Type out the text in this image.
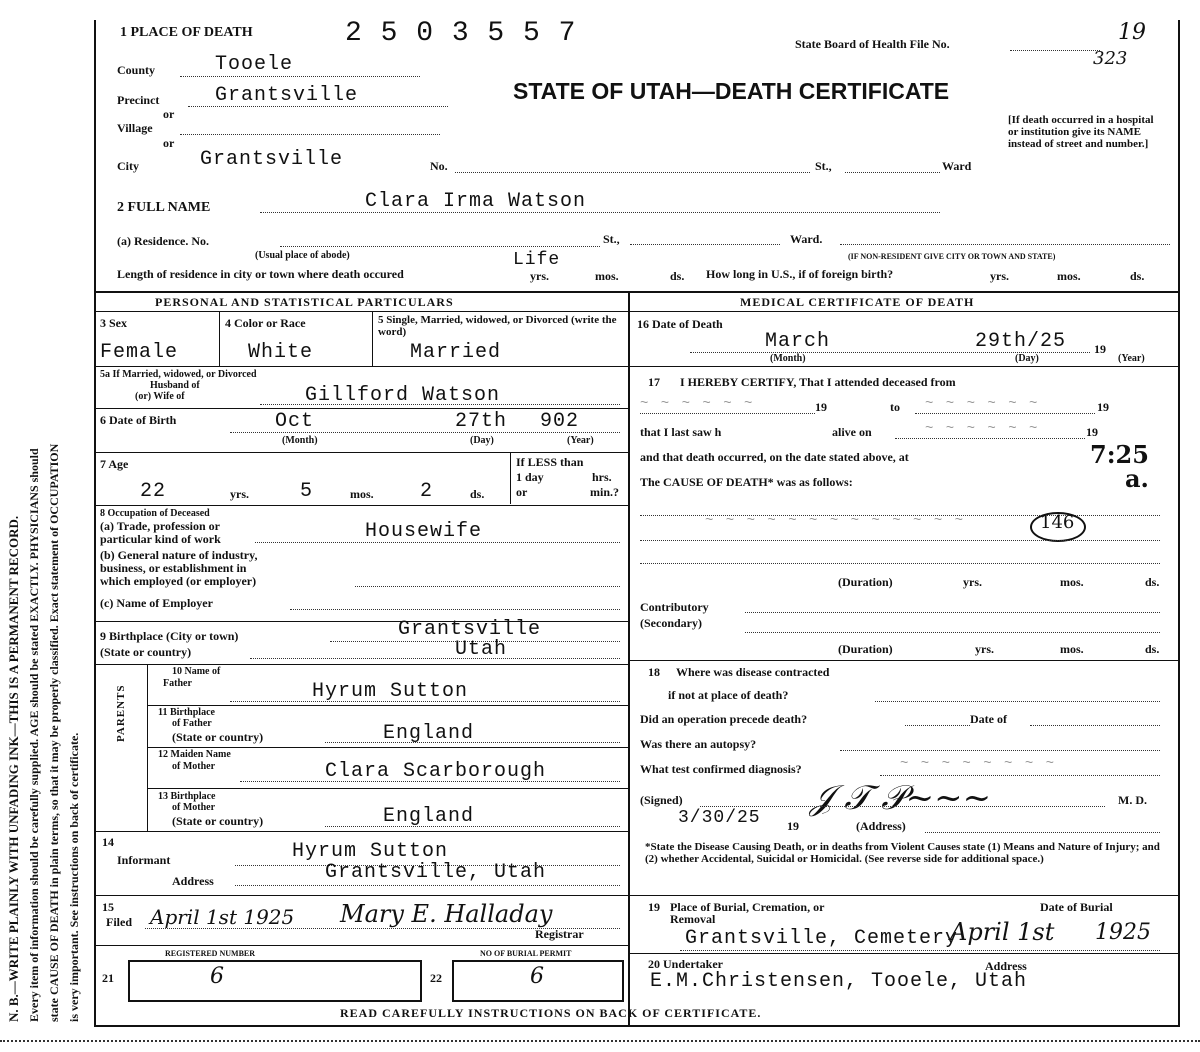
N. B.—WRITE PLAINLY WITH UNFADING INK—THIS IS A PERMANENT RECORD. Every item of information should be carefully supplied. AGE should be stated EXACTLY. PHYSICIANS should state CAUSE OF DEATH in plain terms, so that it may be properly classified. Exact statement of OCCUPATION is very important. See instructions on back of certificate.
1 PLACE OF DEATH	2 5 0 3 5 5 7	State Board of Health File No.	19
323
County	Tooele
STATE OF UTAH—DEATH CERTIFICATE
Precinct	Grantsville
or
Village
or
[If death occurred in a hospital or institution give its NAME instead of street and number.]
City	Grantsville	No.	St.,	Ward
2 FULL NAME	Clara Irma Watson
(a) Residence. No.	St.,	Ward.
(Usual place of abode)	(IF NON-RESIDENT GIVE CITY OR TOWN AND STATE)
Length of residence in city or town where death occured
Life
yrs.	mos.	ds. How long in U.S., if of foreign birth?	yrs.	mos.	ds.
PERSONAL AND STATISTICAL PARTICULARS	MEDICAL CERTIFICATE OF DEATH
3 Sex
Female
4 Color or Race
White
5 Single, Married, widowed, or Divorced (write the word)
Married
5a If Married, widowed, or Divorced
Husband of
(or) Wife of	Gillford Watson
6 Date of Birth	Oct	27th 902
(Month)	(Day)	(Year)
7 Age
22	yrs.	5	mos. 2	ds.
If LESS than
1 day	hrs.
or	min.?
8 Occupation of Deceased
(a) Trade, profession or
particular kind of work	Housewife
(b) General nature of industry,
business, or establishment in
which employed (or employer)
(c) Name of Employer
9 Birthplace (City or town)	Grantsville
(State or country)	Utah
PARENTS
10 Name of
Father	Hyrum Sutton
11 Birthplace
of Father
(State or country)	England
12 Maiden Name
of Mother	Clara Scarborough
13 Birthplace
of Mother
(State or country)	England
14
Informant	Hyrum Sutton
Address	Grantsville, Utah
15
Filed April 1st 1925 Mary E. Halladay
Registrar
REGISTERED NUMBER	NO OF BURIAL PERMIT
21	6	22	6
16 Date of Death
March	29th/25 19
(Month)	(Day)	(Year)
17 I HEREBY CERTIFY, That I attended deceased from
~ ~ ~ ~ ~ ~	19	to ~ ~ ~ ~ ~ ~	19
that I last saw h	alive on	~ ~ ~ ~ ~ ~	19
and that death occurred, on the date stated above, at	7:25
a.
The CAUSE OF DEATH* was as follows:
~ ~ ~ ~ ~ ~ ~ ~ ~ ~ ~ ~ ~	146
(Duration)	yrs.	mos.	ds.
Contributory
(Secondary)
(Duration)	yrs.	mos.	ds.
18 Where was disease contracted
if not at place of death?
Did an operation precede death?	Date of
Was there an autopsy?
What test confirmed diagnosis?	~ ~ ~ ~ ~ ~ ~ ~
(Signed)	𝒥 𝒯 𝒫~~~	M. D.
3/30/25 19	(Address)
*State the Disease Causing Death, or in deaths from Violent Causes state (1) Means and Nature of Injury; and (2) whether Accidental, Suicidal or Homicidal. (See reverse side for additional space.)
19 Place of Burial, Cremation, or
Removal
Date of Burial
Grantsville, Cemetery
April 1st 1925
20 Undertaker	Address
E.M.Christensen, Tooele, Utah
READ CAREFULLY INSTRUCTIONS ON BACK OF CERTIFICATE.
